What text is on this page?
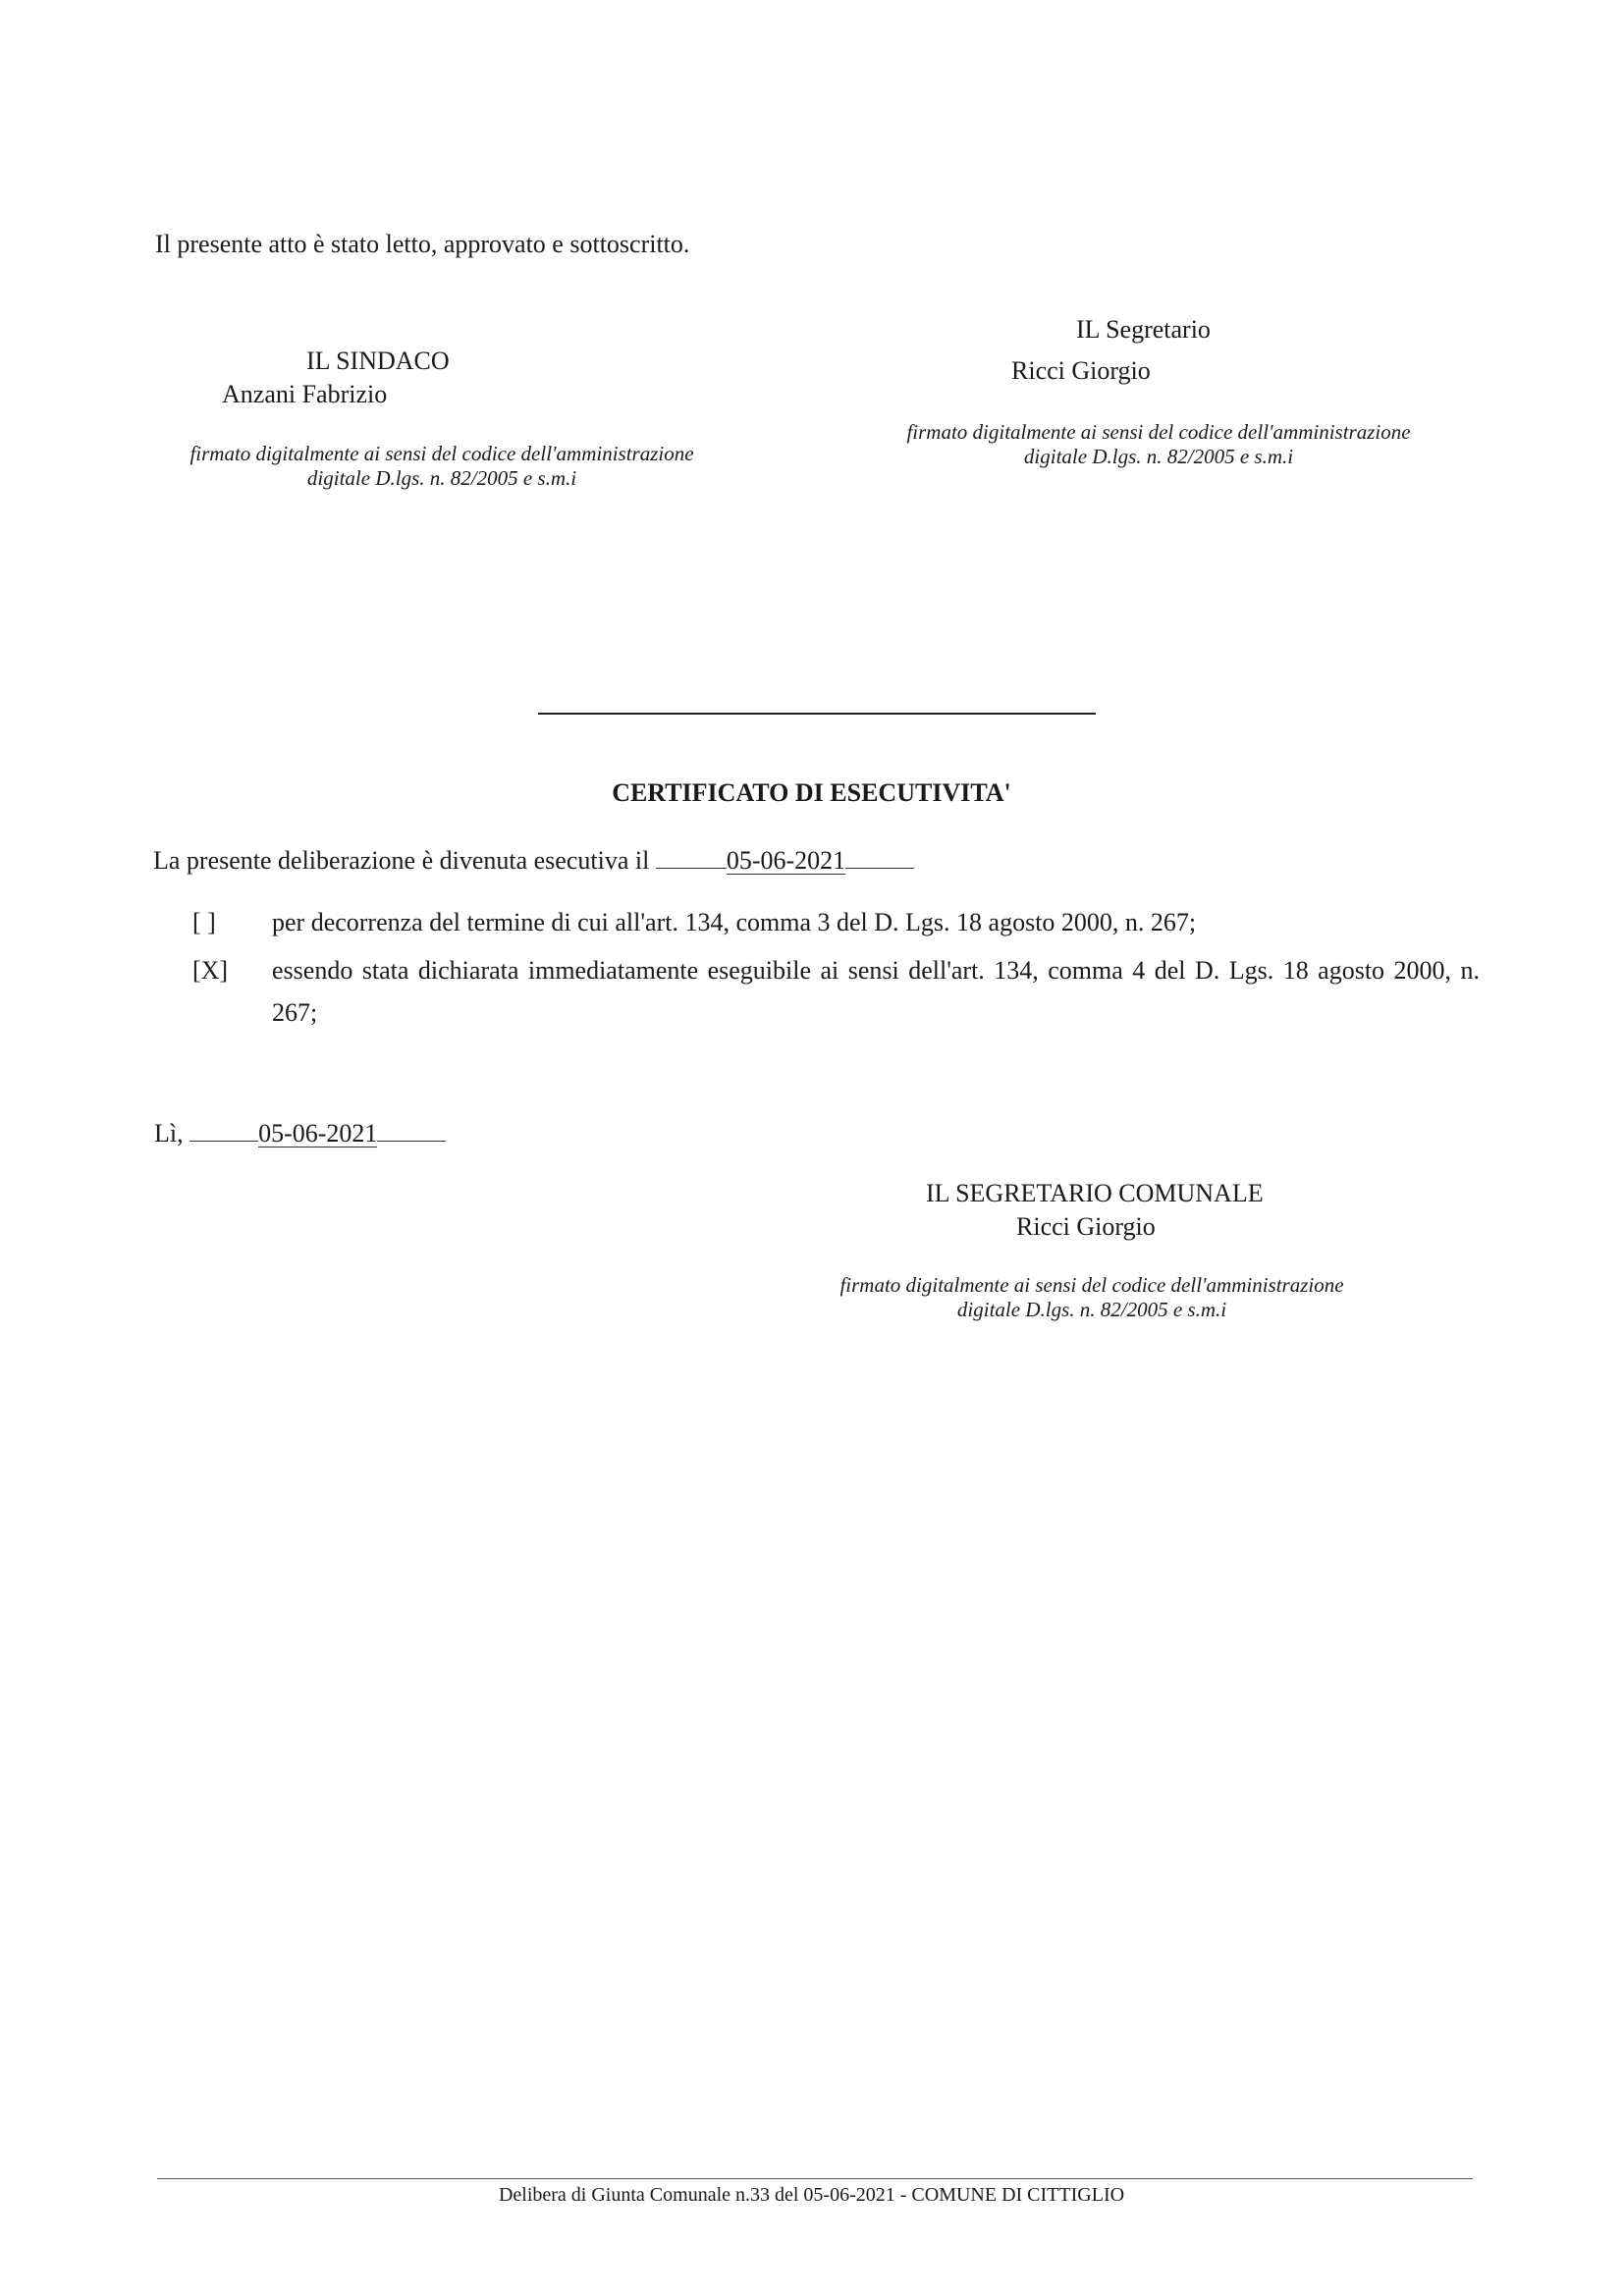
Il presente atto è stato letto, approvato e sottoscritto.
IL SINDACO
Anzani Fabrizio
firmato digitalmente ai sensi del codice dell'amministrazione
digitale D.lgs. n. 82/2005 e s.m.i
IL Segretario
Ricci Giorgio
firmato digitalmente ai sensi del codice dell'amministrazione
digitale D.lgs. n. 82/2005 e s.m.i
CERTIFICATO DI ESECUTIVITA'
La presente deliberazione è divenuta esecutiva il	05-06-2021
[ ] per decorrenza del termine di cui all'art. 134, comma 3 del D. Lgs. 18 agosto 2000, n. 267;
[X] essendo stata dichiarata immediatamente eseguibile ai sensi dell'art. 134, comma 4 del D. Lgs. 18 agosto 2000, n. 267;
Lì,	05-06-2021
IL SEGRETARIO COMUNALE
Ricci Giorgio
firmato digitalmente ai sensi del codice dell'amministrazione
digitale D.lgs. n. 82/2005 e s.m.i
Delibera di Giunta Comunale n.33 del 05-06-2021 - COMUNE DI CITTIGLIO
